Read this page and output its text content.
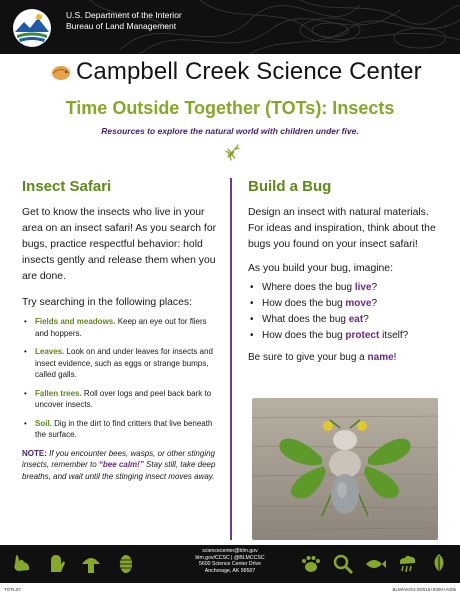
U.S. Department of the Interior
Bureau of Land Management
Campbell Creek Science Center
Time Outside Together (TOTs): Insects
Resources to explore the natural world with children under five.
Insect Safari

Get to know the insects who live in your area on an insect safari! As you search for bugs, practice respectful behavior: hold insects gently and release them when you are done.

Try searching in the following places:

• Fields and meadows. Keep an eye out for fliers and hoppers.
• Leaves. Look on and under leaves for insects and insect evidence, such as eggs or strange bumps, called galls.
• Fallen trees. Roll over logs and peel back bark to uncover insects.
• Soil. Dig in the dirt to find critters that live beneath the surface.

NOTE: If you encounter bees, wasps, or other stinging insects, remember to “bee calm!” Stay still, take deep breaths, and wait until the stinging insect moves away.

Build a Bug

Design an insect with natural materials. For ideas and inspiration, think about the bugs you found on your insect safari!

As you build your bug, imagine:

• Where does the bug live?
• How does the bug move?
• What does the bug eat?
• How does the bug protect itself?

Be sure to give your bug a name!

sciencecenter@blm.gov
blm.gov/CCSC | @BLMCCSC
5600 Science Center Drive
Anchorage, AK 99507
TOTs.07	BLM/AK/GI-20/016+8300+A005
